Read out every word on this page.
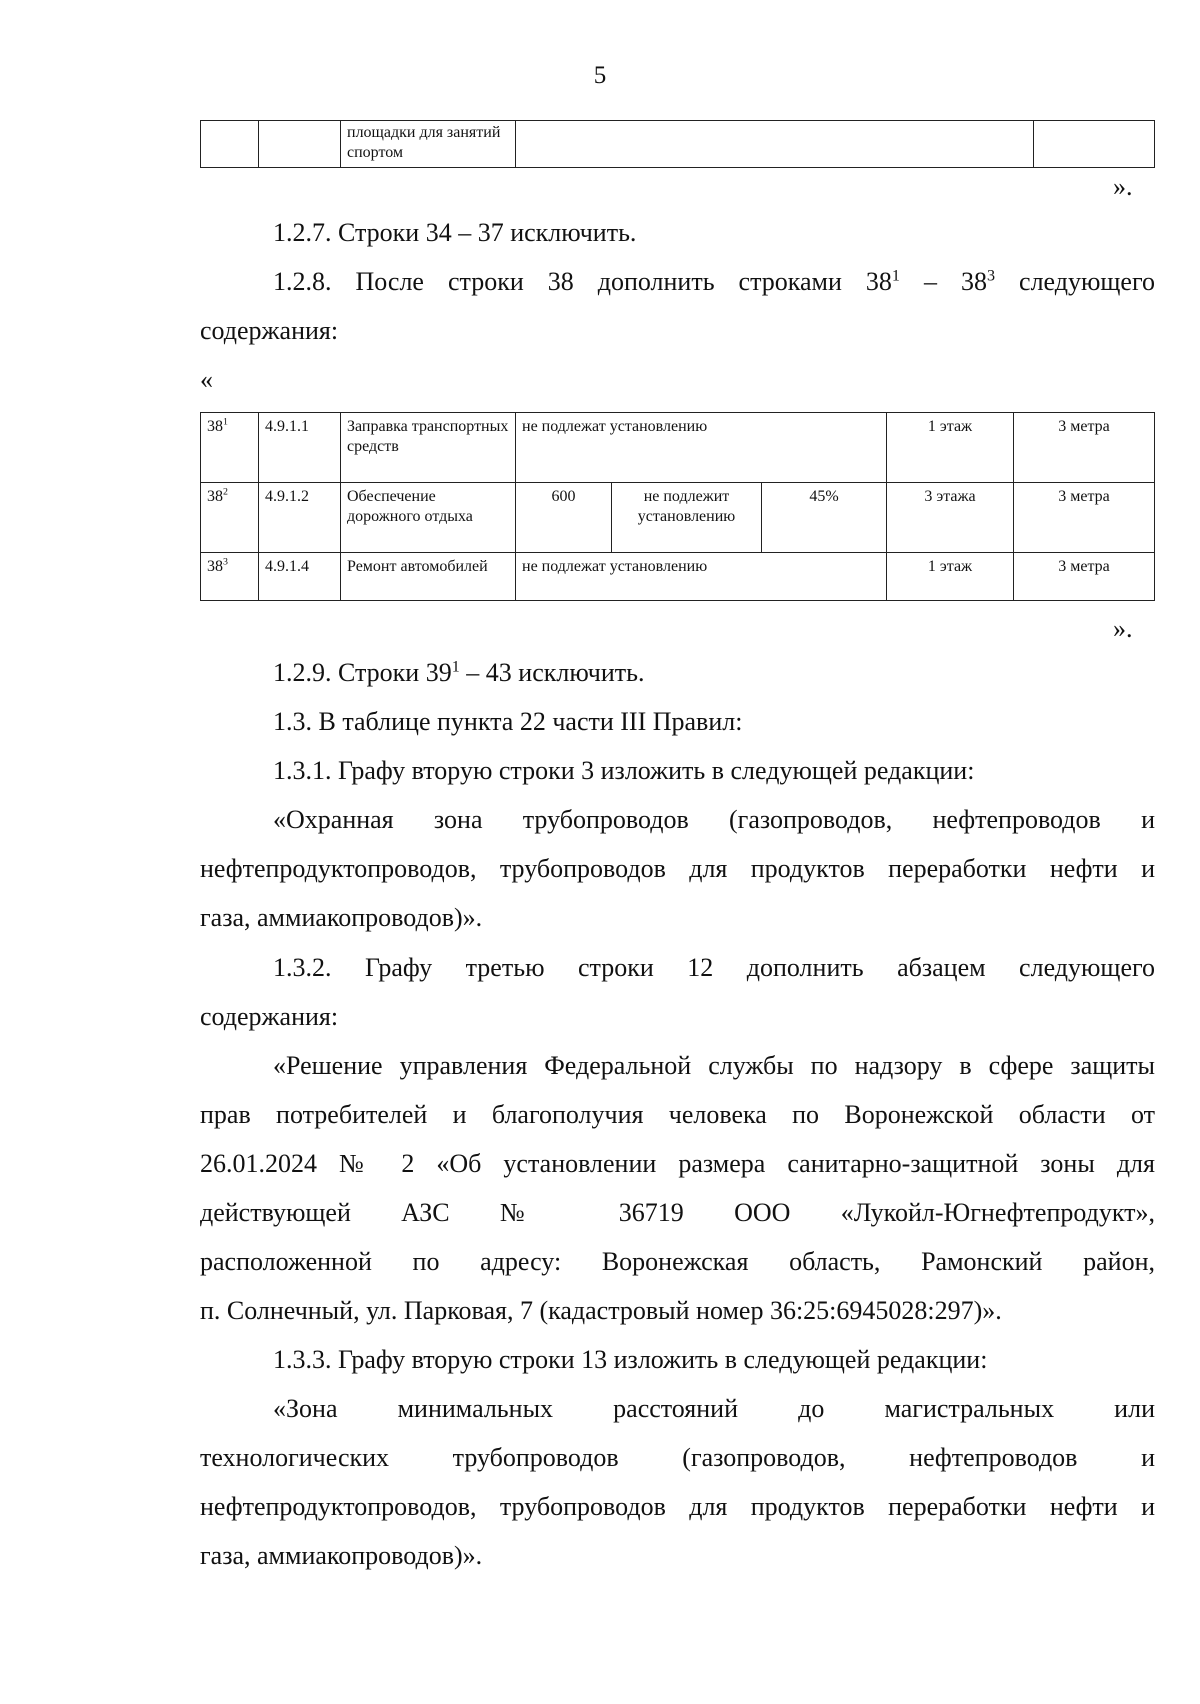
5
		площадки для занятий спортом		
».
1.2.7. Строки 34 – 37 исключить.
1.2.8. После строки 38 дополнить строками $38^1 - 38^3$ следующего
содержания:
«
$38^1$	4.9.1.1	Заправка транспортных средств	не подлежат установлению			1 этаж	3 метра
$38^2$	4.9.1.2	Обеспечение дорожного отдыха	600	не подлежит установлению	45%	3 этажа	3 метра
$38^3$	4.9.1.4	Ремонт автомобилей	не подлежат установлению			1 этаж	3 метра
».
1.2.9. Строки $39^1 - 43$ исключить.
1.3. В таблице пункта 22 части III Правил:
1.3.1. Графу вторую строки 3 изложить в следующей редакции:
«Охранная зона трубопроводов (газопроводов, нефтепроводов и
нефтепродуктопроводов, трубопроводов для продуктов переработки нефти и
газа, аммиакопроводов)».
1.3.2. Графу третью строки 12 дополнить абзацем следующего
содержания:
«Решение управления Федеральной службы по надзору в сфере защиты
прав потребителей и благополучия человека по Воронежской области от
26.01.2024 № 2 «Об установлении размера санитарно-защитной зоны для
действующей АЗС № 36719 ООО «Лукойл-Югнефтепродукт»,
расположенной по адресу: Воронежская область, Рамонский район,
п. Солнечный, ул. Парковая, 7 (кадастровый номер 36:25:6945028:297)».
1.3.3. Графу вторую строки 13 изложить в следующей редакции:
«Зона минимальных расстояний до магистральных или
технологических трубопроводов (газопроводов, нефтепроводов и
нефтепродуктопроводов, трубопроводов для продуктов переработки нефти и
газа, аммиакопроводов)».
